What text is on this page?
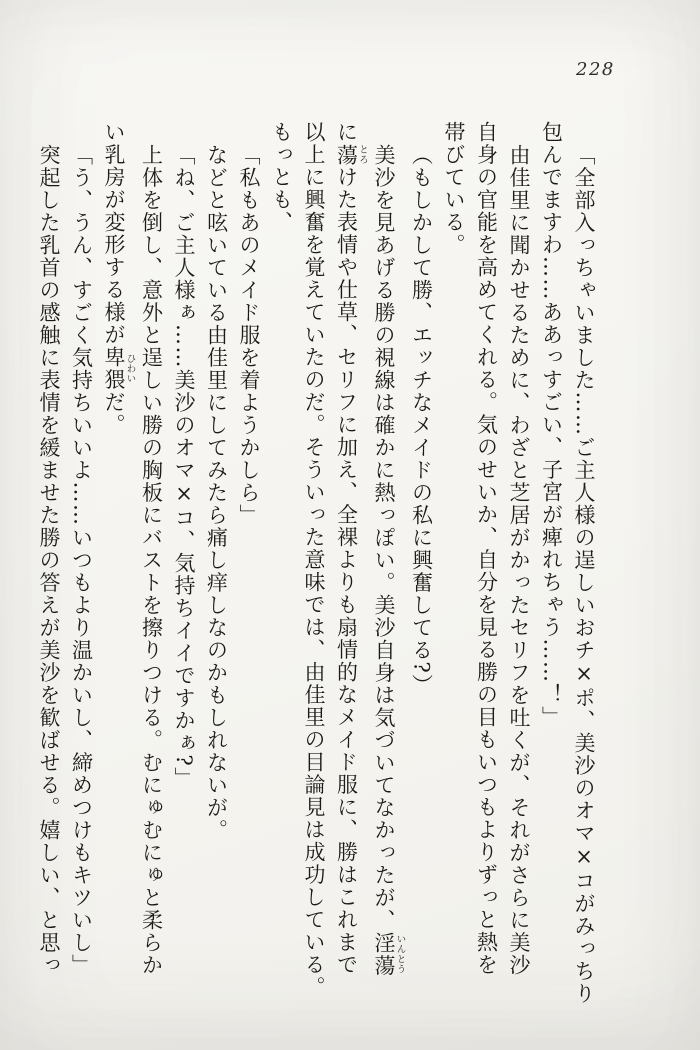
228

「全部入っちゃいました……ご主人様の逞しいおチ×ポ、美沙のオマ×コがみっちり

包んでますわ……ああっすごい、子宮が痺れちゃう……！」

由佳里に聞かせるために、わざと芝居がかったセリフを吐くが、それがさらに美沙

自身の官能を高めてくれる。気のせいか、自分を見る勝の目もいつもよりずっと熱を

帯びている。

（もしかして勝、エッチなメイドの私に興奮してる?）

美沙を見あげる勝の視線は確かに熱っぽい。美沙自身は気づいてなかったが、淫蕩いんとう

に蕩とろけた表情や仕草、セリフに加え、全裸よりも扇情的なメイド服に、勝はこれまで

以上に興奮を覚えていたのだ。そういった意味では、由佳里の目論見は成功している。

もっとも、

「私もあのメイド服を着ようかしら」

などと呟いている由佳里にしてみたら痛し痒しなのかもしれないが。

「ね、ご主人様ぁ……美沙のオマ×コ、気持ちイイですかぁ?」

上体を倒し、意外と逞しい勝の胸板にバストを擦りつける。むにゅむにゅと柔らか

い乳房が変形する様が卑猥ひわいだ。

「う、うん、すごく気持ちいいよ……いつもより温かいし、締めつけもキツいし」

突起した乳首の感触に表情を緩ませた勝の答えが美沙を歓ばせる。嬉しい、と思っ
